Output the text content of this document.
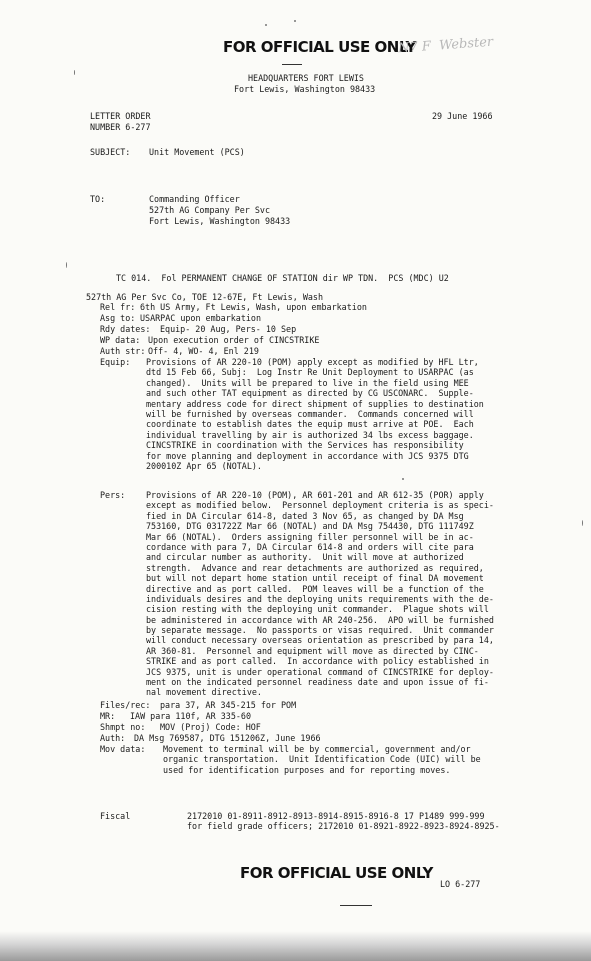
FOR OFFICIAL USE ONLY
N7 F  Webster
HEADQUARTERS FORT LEWIS
Fort Lewis, Washington 98433
LETTER ORDER
NUMBER 6-277
29 June 1966
SUBJECT: Unit Movement (PCS)
TO:	Commanding Officer
527th AG Company Per Svc
Fort Lewis, Washington 98433
TC 014.  Fol PERMANENT CHANGE OF STATION dir WP TDN.  PCS (MDC) U2
527th AG Per Svc Co, TOE 12-67E, Ft Lewis, Wash
Rel fr: 6th US Army, Ft Lewis, Wash, upon embarkation
Asg to: USARPAC upon embarkation
Rdy dates: Equip- 20 Aug, Pers- 10 Sep
WP data: Upon execution order of CINCSTRIKE
Auth str: Off- 4, WO- 4, Enl 219
Equip: Provisions of AR 220-10 (POM) apply except as modified by HFL Ltr,
dtd 15 Feb 66, Subj:  Log Instr Re Unit Deployment to USARPAC (as
changed).  Units will be prepared to live in the field using MEE
and such other TAT equipment as directed by CG USCONARC.  Supple-
mentary address code for direct shipment of supplies to destination
will be furnished by overseas commander.  Commands concerned will
coordinate to establish dates the equip must arrive at POE.  Each
individual travelling by air is authorized 34 lbs excess baggage.
CINCSTRIKE in coordination with the Services has responsibility
for move planning and deployment in accordance with JCS 9375 DTG
200010Z Apr 65 (NOTAL).
Pers: Provisions of AR 220-10 (POM), AR 601-201 and AR 612-35 (POR) apply
except as modified below.  Personnel deployment criteria is as speci-
fied in DA Circular 614-8, dated 3 Nov 65, as changed by DA Msg
753160, DTG 031722Z Mar 66 (NOTAL) and DA Msg 754430, DTG 111749Z
Mar 66 (NOTAL).  Orders assigning filler personnel will be in ac-
cordance with para 7, DA Circular 614-8 and orders will cite para
and circular number as authority.  Unit will move at authorized
strength.  Advance and rear detachments are authorized as required,
but will not depart home station until receipt of final DA movement
directive and as port called.  POM leaves will be a function of the
individuals desires and the deploying units requirements with the de-
cision resting with the deploying unit commander.  Plague shots will
be administered in accordance with AR 240-256.  APO will be furnished
by separate message.  No passports or visas required.  Unit commander
will conduct necessary overseas orientation as prescribed by para 14,
AR 360-81.  Personnel and equipment will move as directed by CINC-
STRIKE and as port called.  In accordance with policy established in
JCS 9375, unit is under operational command of CINCSTRIKE for deploy-
ment on the indicated personnel readiness date and upon issue of fi-
nal movement directive.
Files/rec: para 37, AR 345-215 for POM
MR: IAW para 110f, AR 335-60
Shmpt no: MOV (Proj) Code: HOF
Auth: DA Msg 769587, DTG 151206Z, June 1966
Mov data: Movement to terminal will be by commercial, government and/or
organic transportation.  Unit Identification Code (UIC) will be
used for identification purposes and for reporting moves.
Fiscal	2172010 01-8911-8912-8913-8914-8915-8916-8 17 P1489 999-999
for field grade officers; 2172010 01-8921-8922-8923-8924-8925-
FOR OFFICIAL USE ONLY
LO 6-277
